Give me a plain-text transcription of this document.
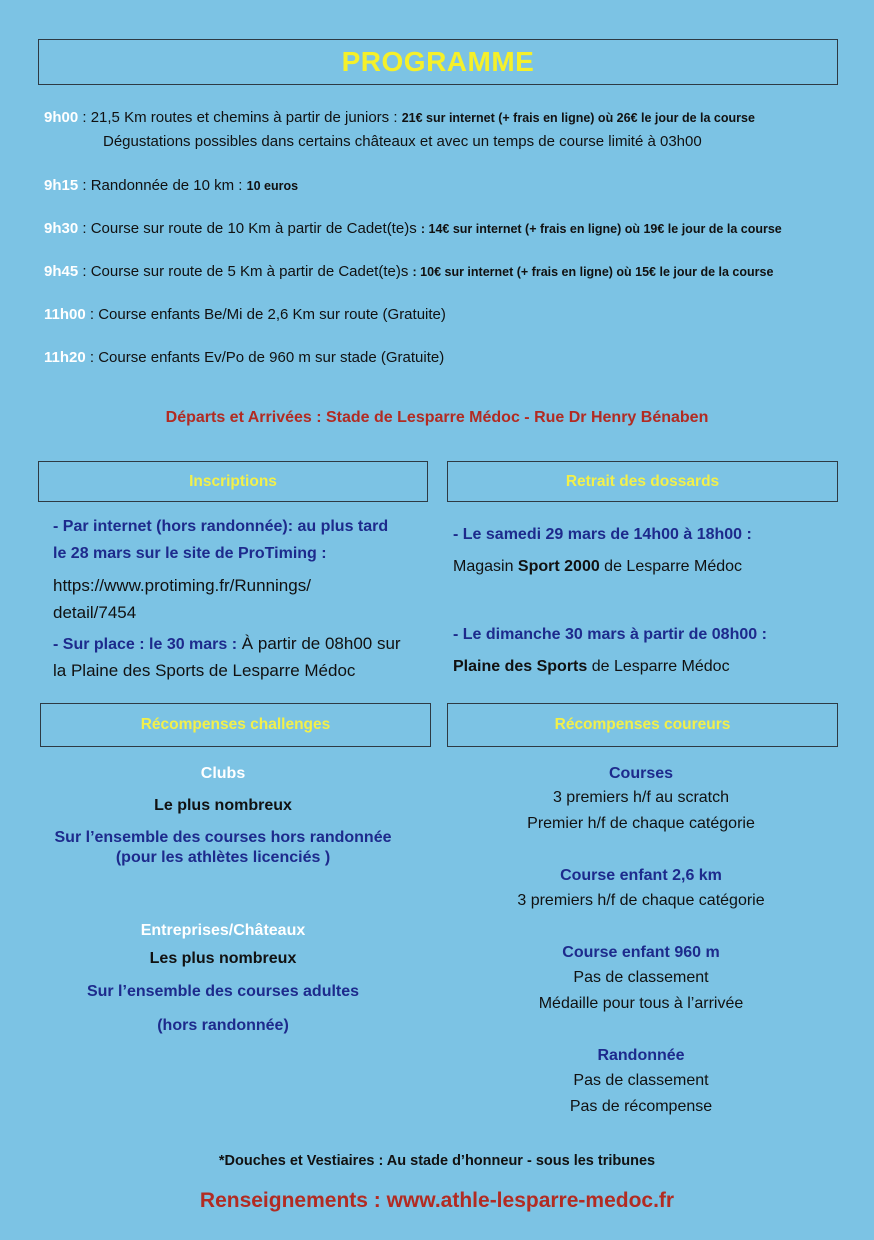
PROGRAMME
9h00 : 21,5 Km routes et chemins à partir de juniors : 21€ sur internet (+ frais en ligne) où 26€ le jour de la course
Dégustations possibles dans certains châteaux et avec un temps de course limité à 03h00
9h15 : Randonnée de 10 km : 10 euros
9h30 : Course sur route de 10 Km à partir de Cadet(te)s : 14€ sur internet (+ frais en ligne) où 19€ le jour de la course
9h45 : Course sur route de 5 Km à partir de Cadet(te)s : 10€ sur internet (+ frais en ligne) où 15€ le jour de la course
11h00 : Course enfants Be/Mi de 2,6 Km sur route (Gratuite)
11h20 : Course enfants Ev/Po de 960 m sur stade (Gratuite)
Départs et Arrivées : Stade de Lesparre Médoc - Rue Dr Henry Bénaben
Inscriptions	Retrait des dossards
- Par internet (hors randonnée): au plus tard
le 28 mars sur le site de ProTiming :
https://www.protiming.fr/Runnings/
detail/7454
- Sur place : le 30 mars : À partir de 08h00 sur
la Plaine des Sports de Lesparre Médoc
- Le samedi 29 mars de 14h00 à 18h00 :
Magasin Sport 2000 de Lesparre Médoc
- Le dimanche 30 mars à partir de 08h00 :
Plaine des Sports de Lesparre Médoc
Récompenses challenges	Récompenses coureurs
Clubs
Le plus nombreux
Sur l’ensemble des courses hors randonnée
(pour les athlètes licenciés )
Entreprises/Châteaux
Les plus nombreux
Sur l’ensemble des courses adultes
(hors randonnée)
Courses
3 premiers h/f au scratch
Premier h/f de chaque catégorie
Course enfant 2,6 km
3 premiers h/f de chaque catégorie
Course enfant 960 m
Pas de classement
Médaille pour tous à l’arrivée
Randonnée
Pas de classement
Pas de récompense
*Douches et Vestiaires : Au stade d’honneur - sous les tribunes
Renseignements : www.athle-lesparre-medoc.fr
